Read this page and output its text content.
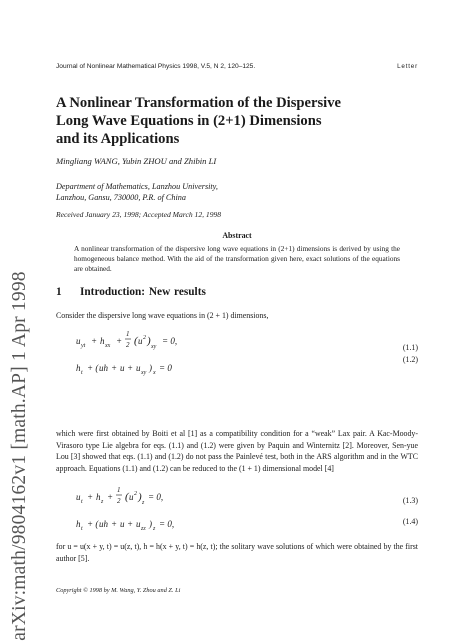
arXiv:math/9804162v1 [math.AP] 1 Apr 1998
Journal of Nonlinear Mathematical Physics 1998, V.5, N 2, 120–125.	Letter
A Nonlinear Transformation of the Dispersive
Long Wave Equations in (2+1) Dimensions
and its Applications
Mingliang WANG, Yubin ZHOU and Zhibin LI
Department of Mathematics, Lanzhou University,
Lanzhou, Gansu, 730000, P.R. of China
Received January 23, 1998; Accepted March 12, 1998
Abstract
A nonlinear transformation of the dispersive long wave equations in (2+1) dimensions is derived by using the homogeneous balance method. With the aid of the transformation given here, exact solutions of the equations are obtained.
1 Introduction: New results
Consider the dispersive long wave equations in (2 + 1) dimensions,
u yt + h xx +
1
2 ( u 2 ) xy
= 0,
(1.1)
h t + ( uh + u + u xy ) x = 0
(1.2)
which were first obtained by Boiti et al [1] as a compatibility condition for a “weak” Lax pair. A Kac-Moody-Virasoro type Lie algebra for eqs. (1.1) and (1.2) were given by Paquin and Winternitz [2]. Moreover, Sen-yue Lou [3] showed that eqs. (1.1) and (1.2) do not pass the Painlevé test, both in the ARS algorithm and in the WTC approach. Equations (1.1) and (1.2) can be reduced to the (1 + 1) dimensional model [4]
u t + h z +
1
2 ( u 2 ) z
= 0,	(1.3)
h t + ( uh + u + u zz ) z = 0,	(1.4)
for u = u(x + y, t) = u(z, t), h = h(x + y, t) = h(z, t); the solitary wave solutions of which were obtained by the first author [5].
Copyright © 1998 by M. Wang, Y. Zhou and Z. Li
